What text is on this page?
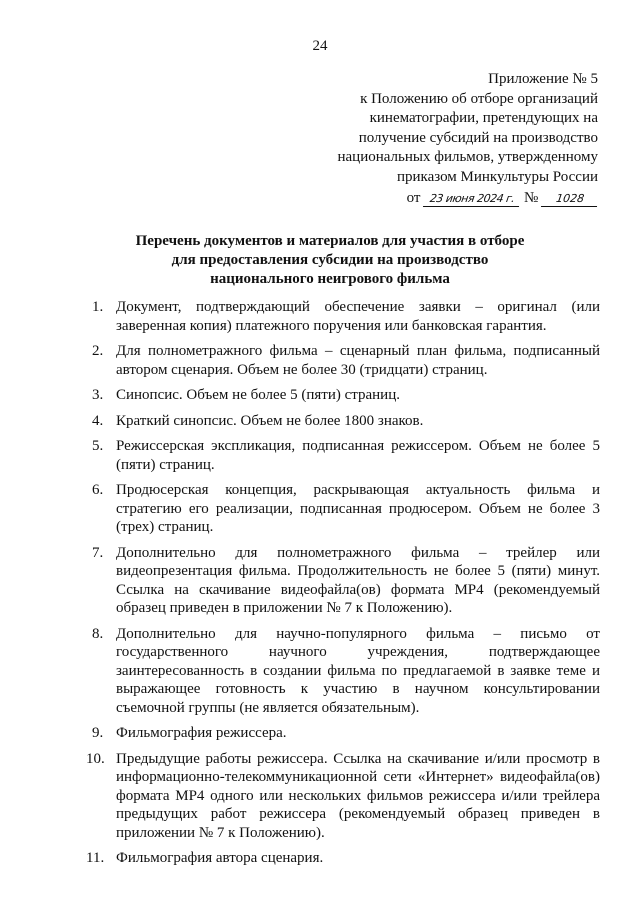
24
Приложение № 5
к Положению об отборе организаций
кинематографии, претендующих на
получение субсидий на производство
национальных фильмов, утвержденному
приказом Минкультуры России
от 23 июня 2024 г. № 1028
Перечень документов и материалов для участия в отборе
для предоставления субсидии на производство
национального неигрового фильма
1. Документ, подтверждающий обеспечение заявки – оригинал (или заверенная копия) платежного поручения или банковская гарантия.
2. Для полнометражного фильма – сценарный план фильма, подписанный автором сценария. Объем не более 30 (тридцати) страниц.
3. Синопсис. Объем не более 5 (пяти) страниц.
4. Краткий синопсис. Объем не более 1800 знаков.
5. Режиссерская экспликация, подписанная режиссером. Объем не более 5 (пяти) страниц.
6. Продюсерская концепция, раскрывающая актуальность фильма и стратегию его реализации, подписанная продюсером. Объем не более 3 (трех) страниц.
7. Дополнительно для полнометражного фильма – трейлер или видеопрезентация фильма. Продолжительность не более 5 (пяти) минут. Ссылка на скачивание видеофайла(ов) формата MP4 (рекомендуемый образец приведен в приложении № 7 к Положению).
8. Дополнительно для научно-популярного фильма – письмо от государственного научного учреждения, подтверждающее заинтересованность в создании фильма по предлагаемой в заявке теме и выражающее готовность к участию в научном консультировании съемочной группы (не является обязательным).
9. Фильмография режиссера.
10. Предыдущие работы режиссера. Ссылка на скачивание и/или просмотр в информационно-телекоммуникационной сети «Интернет» видеофайла(ов) формата MP4 одного или нескольких фильмов режиссера и/или трейлера предыдущих работ режиссера (рекомендуемый образец приведен в приложении № 7 к Положению).
11. Фильмография автора сценария.
